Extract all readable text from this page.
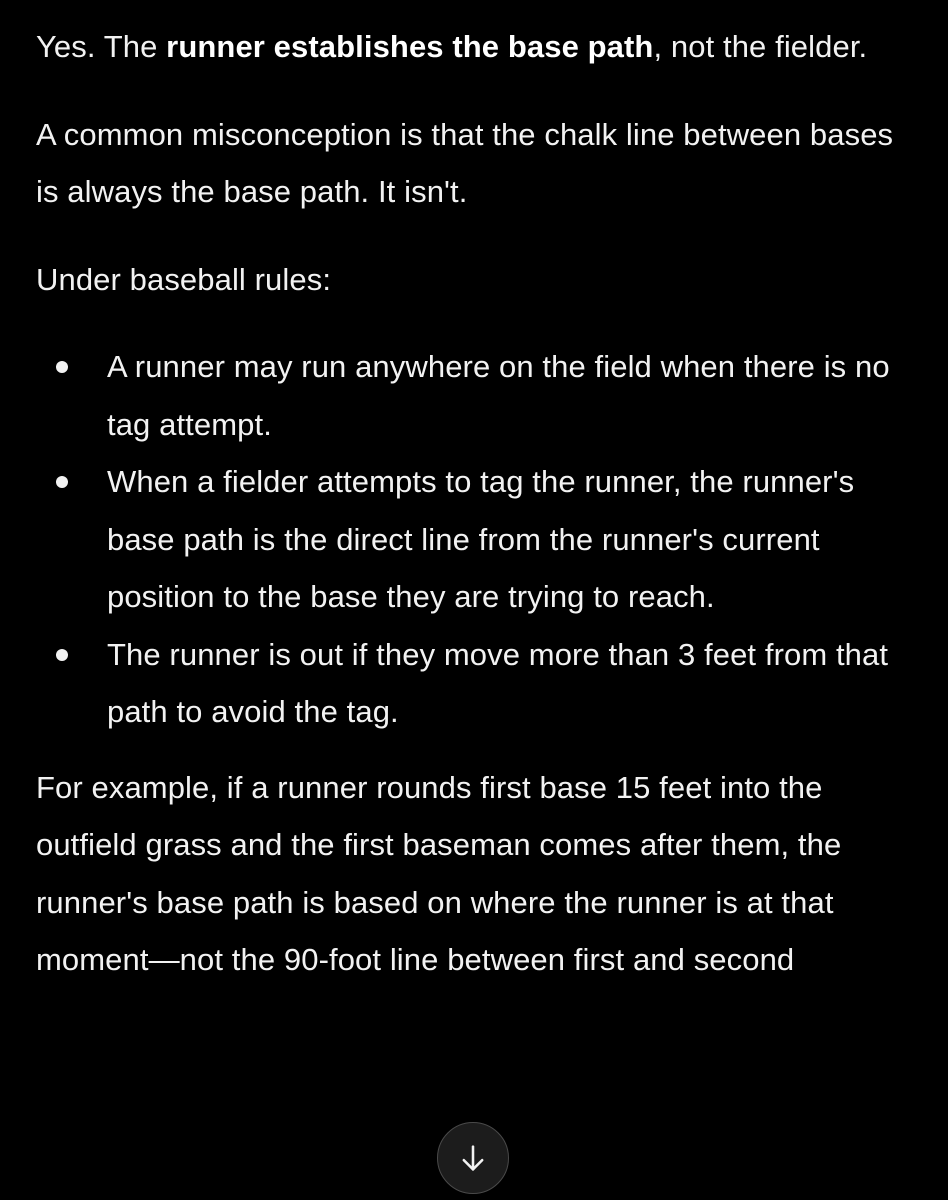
Yes. The runner establishes the base path, not the fielder.

A common misconception is that the chalk line between bases is always the base path. It isn't.

Under baseball rules:

A runner may run anywhere on the field when there is no tag attempt.
When a fielder attempts to tag the runner, the runner's base path is the direct line from the runner's current position to the base they are trying to reach.
The runner is out if they move more than 3 feet from that path to avoid the tag.

For example, if a runner rounds first base 15 feet into the outfield grass and the first baseman comes after them, the runner's base path is based on where the runner is at that moment—not the 90-foot line between first and second
